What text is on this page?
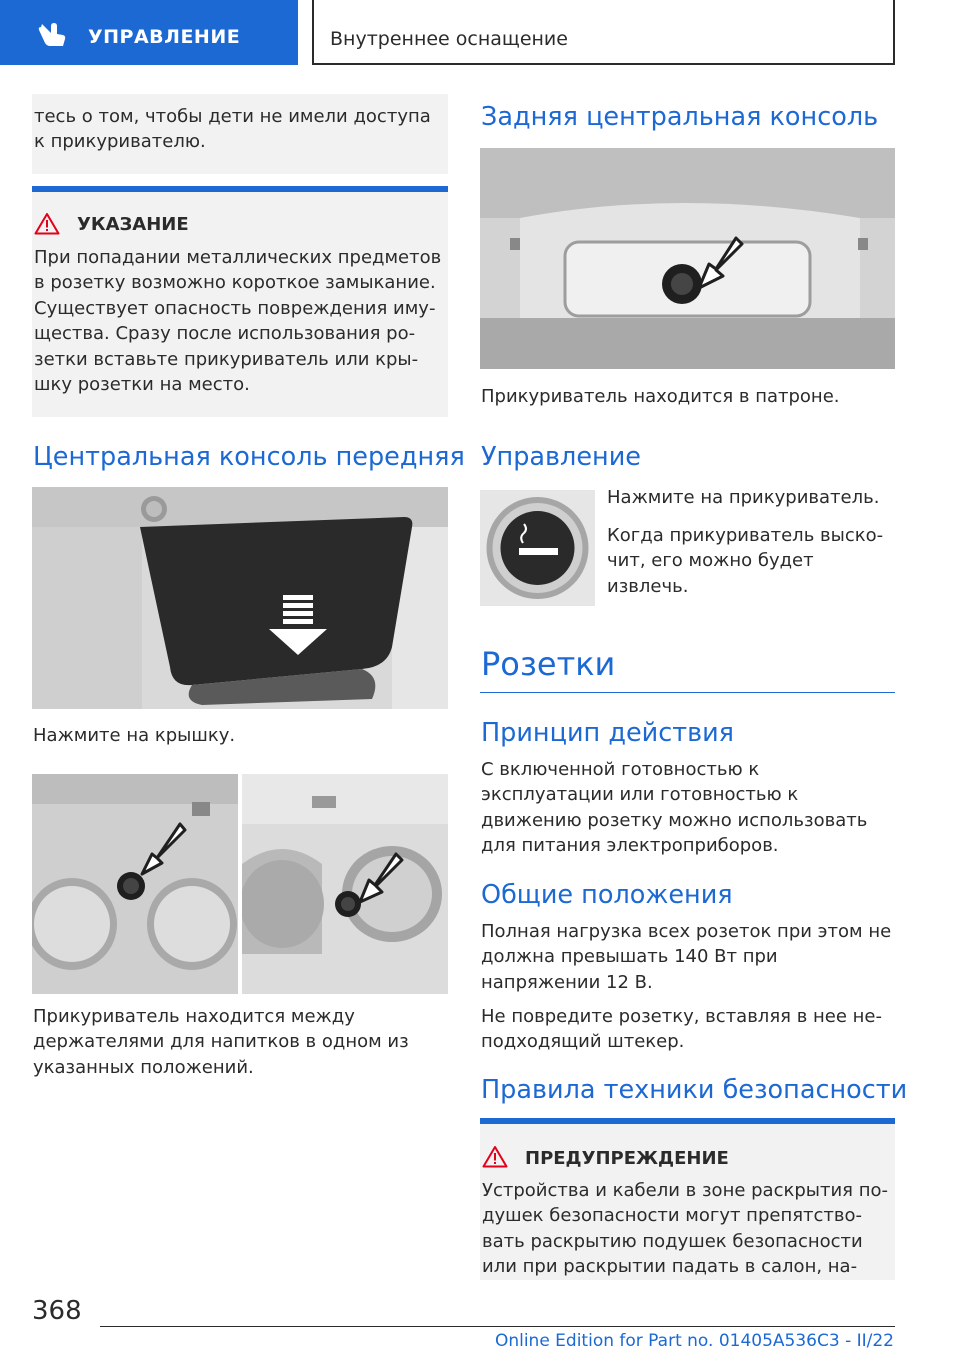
УПРАВЛЕНИЕ	Внутреннее оснащение
тесь о том, чтобы дети не имели доступа к прикуривателю.
УКАЗАНИЕ
При попадании металлических предметов в розетку возможно короткое замыкание. Существует опасность повреждения имущества. Сразу после использования розетки вставьте прикуриватель или крышку розетки на место.
Центральная консоль передняя
Нажмите на крышку.
Прикуриватель находится между держателями для напитков в одном из указанных положений.
Задняя центральная консоль
Прикуриватель находится в патроне.
Управление
Нажмите на прикуриватель.
Когда прикуриватель выскочит, его можно будет извлечь.
Розетки
Принцип действия
С включенной готовностью к эксплуатации или готовностью к движению розетку можно использовать для питания электроприборов.
Общие положения
Полная нагрузка всех розеток при этом не должна превышать 140 Вт при напряжении 12 В.
Не повредите розетку, вставляя в нее неподходящий штекер.
Правила техники безопасности
ПРЕДУПРЕЖДЕНИЕ
Устройства и кабели в зоне раскрытия подушек безопасности могут препятствовать раскрытию подушек безопасности или при раскрытии падать в салон, на-
368
Online Edition for Part no. 01405A536C3 - II/22
